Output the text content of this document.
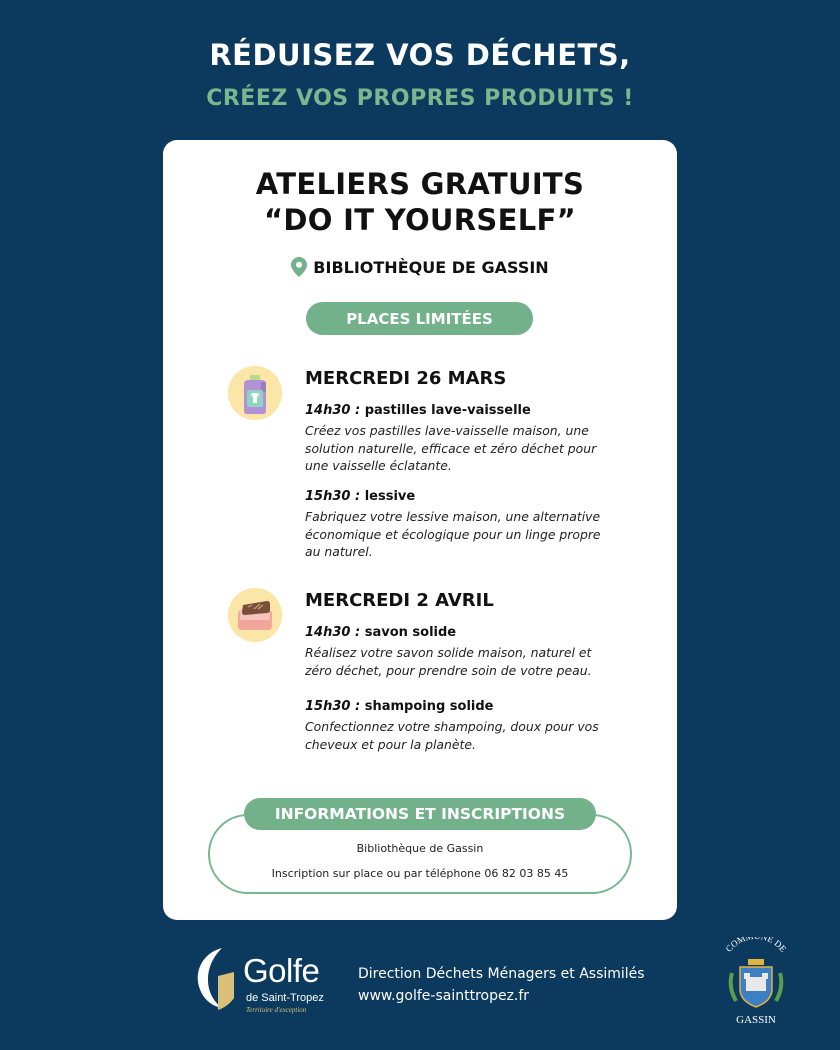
RÉDUISEZ VOS DÉCHETS,
CRÉEZ VOS PROPRES PRODUITS !
ATELIERS GRATUITS
“DO IT YOURSELF”
BIBLIOTHÈQUE DE GASSIN
PLACES LIMITÉES
MERCREDI 26 MARS
14h30 : pastilles lave-vaisselle
Créez vos pastilles lave-vaisselle maison, une solution naturelle, efficace et zéro déchet pour une vaisselle éclatante.
15h30 : lessive
Fabriquez votre lessive maison, une alternative économique et écologique pour un linge propre au naturel.
MERCREDI 2 AVRIL
14h30 : savon solide
Réalisez votre savon solide maison, naturel et zéro déchet, pour prendre soin de votre peau.
15h30 : shampoing solide
Confectionnez votre shampoing, doux pour vos cheveux et pour la planète.
INFORMATIONS ET INSCRIPTIONS
Bibliothèque de Gassin
Inscription sur place ou par téléphone 06 82 03 85 45
Golfe
de Saint-Tropez
Territoire d'exception
Direction Déchets Ménagers et Assimilés
www.golfe-sainttropez.fr
COM E DE
GASSIN
